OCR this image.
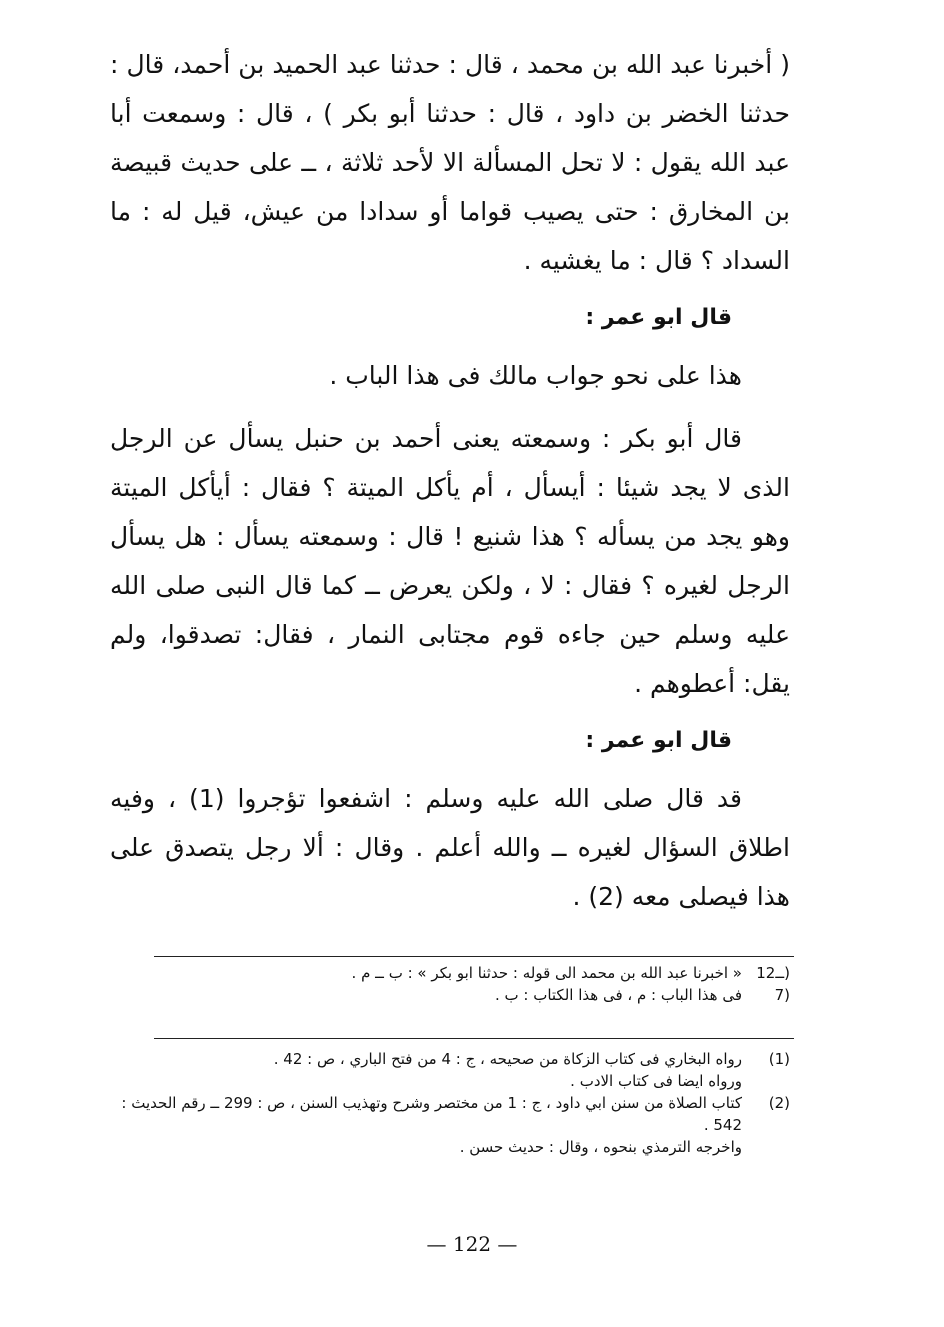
( أخبرنا عبد الله بن محمد ، قال : حدثنا عبد الحميد بن أحمد، قال : حدثنا الخضر بن داود ، قال : حدثنا أبو بكر ) ، قال : وسمعت أبا عبد الله يقول : لا تحل المسألة الا لأحد ثلاثة ، ــ على حديث قبيصة بن المخارق : حتى يصيب قواما أو سدادا من عيش، قيل له : ما السداد ؟ قال : ما يغشيه .

قال ابو عمر :

هذا على نحو جواب مالك فى هذا الباب .

قال أبو بكر : وسمعته يعنى أحمد بن حنبل يسأل عن الرجل الذى لا يجد شيئا : أيسأل ، أم يأكل الميتة ؟ فقال : أيأكل الميتة وهو يجد من يسأله ؟ هذا شنيع ! قال : وسمعته يسأل : هل يسأل الرجل لغيره ؟ فقال : لا ، ولكن يعرض ــ كما قال النبى صلى الله عليه وسلم حين جاءه قوم مجتابى النمار ، فقال: تصدقوا، ولم يقل: أعطوهم .

قال ابو عمر :

قد قال صلى الله عليه وسلم : اشفعوا تؤجروا (1) ، وفيه اطلاق السؤال لغيره ــ والله أعلم . وقال : ألا رجل يتصدق على هذا فيصلى معه (2) .

1ــ2)
« اخبرنا عبد الله بن محمد الى قوله : حدثنا ابو بكر » : ب ــ م .
7)
فى هذا الباب : م ، فى هذا الكتاب : ب .
(1)
رواه البخاري فى كتاب الزكاة من صحيحه ، ج : 4 من فتح الباري ، ص : 42 .
ورواه ايضا فى كتاب الادب .
(2)
كتاب الصلاة من سنن ابي داود ، ج : 1 من مختصر وشرح وتهذيب السنن ، ص : 299 ــ رقم الحديث : 542 .
واخرجه الترمذي بنحوه ، وقال : حديث حسن .
— 122 —
